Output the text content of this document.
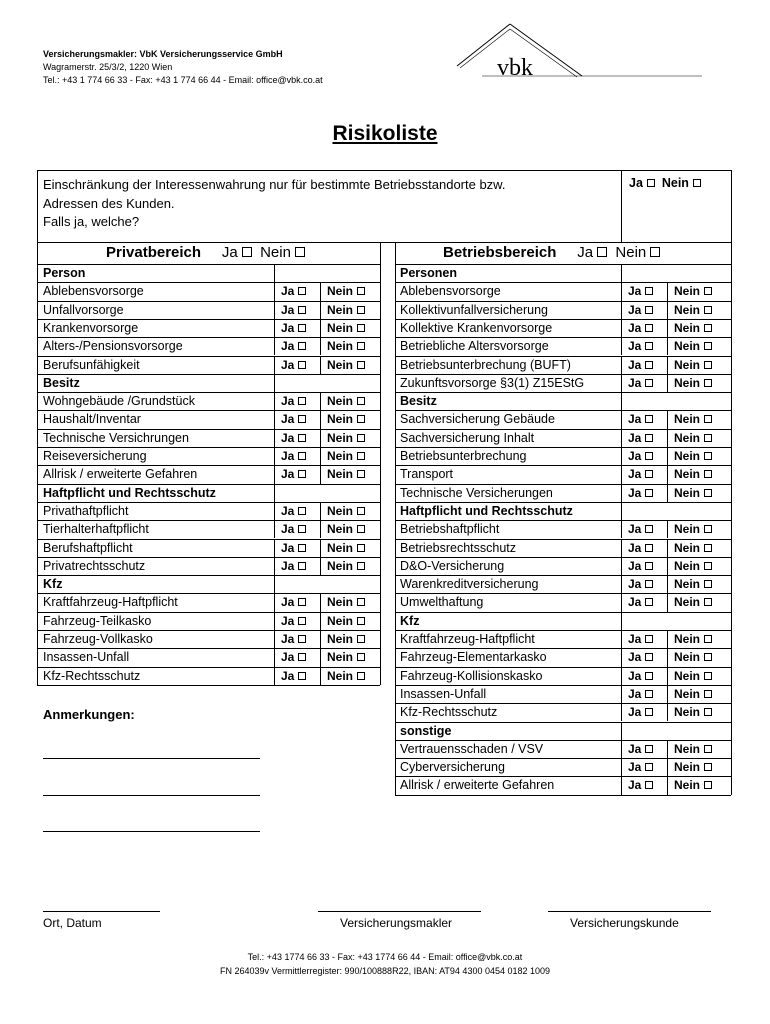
Versicherungsmakler: VbK Versicherungsservice GmbH
Wagramerstr. 25/3/2, 1220 Wien
Tel.: +43 1 774 66 33 - Fax: +43 1 774 66 44 - Email: office@vbk.co.at	vbk
Risikoliste
Einschränkung der Interessenwahrung nur für bestimmte Betriebsstandorte bzw.
Adressen des Kunden.
Falls ja, welche?
Ja Nein
Privatbereich Ja Nein	Betriebsbereich Ja Nein
Person
Ablebensvorsorge	Ja	Nein
Unfallvorsorge	Ja	Nein
Krankenvorsorge	Ja	Nein
Alters-/Pensionsvorsorge	Ja	Nein
Berufsunfähigkeit	Ja	Nein
Besitz
Wohngebäude /Grundstück	Ja	Nein
Haushalt/Inventar	Ja	Nein
Technische Versichrungen	Ja	Nein
Reiseversicherung	Ja	Nein
Allrisk / erweiterte Gefahren	Ja	Nein
Haftpflicht und Rechtsschutz
Privathaftpflicht	Ja	Nein
Tierhalterhaftpflicht	Ja	Nein
Berufshaftpflicht	Ja	Nein
Privatrechtsschutz	Ja	Nein
Kfz
Kraftfahrzeug-Haftpflicht	Ja	Nein
Fahrzeug-Teilkasko	Ja	Nein
Fahrzeug-Vollkasko	Ja	Nein
Insassen-Unfall	Ja	Nein
Kfz-Rechtsschutz	Ja	Nein
Personen
Ablebensvorsorge	Ja	Nein
Kollektivunfallversicherung	Ja	Nein
Kollektive Krankenvorsorge	Ja	Nein
Betriebliche Altersvorsorge	Ja	Nein
Betriebsunterbrechung (BUFT)	Ja	Nein
Zukunftsvorsorge §3(1) Z15EStG	Ja	Nein
Besitz
Sachversicherung Gebäude	Ja	Nein
Sachversicherung Inhalt	Ja	Nein
Betriebsunterbrechung	Ja	Nein
Transport	Ja	Nein
Technische Versicherungen	Ja	Nein
Haftpflicht und Rechtsschutz
Betriebshaftpflicht	Ja	Nein
Betriebsrechtsschutz	Ja	Nein
D&O-Versicherung	Ja	Nein
Warenkreditversicherung	Ja	Nein
Umwelthaftung	Ja	Nein
Kfz
Kraftfahrzeug-Haftpflicht	Ja	Nein
Fahrzeug-Elementarkasko	Ja	Nein
Fahrzeug-Kollisionskasko	Ja	Nein
Insassen-Unfall	Ja	Nein
Kfz-Rechtsschutz	Ja	Nein
sonstige
Vertrauensschaden / VSV	Ja	Nein
Cyberversicherung	Ja	Nein
Allrisk / erweiterte Gefahren	Ja	Nein
Anmerkungen:
Ort, Datum	Versicherungsmakler	Versicherungskunde
Tel.: +43 1774 66 33 - Fax: +43 1774 66 44 - Email: office@vbk.co.at
FN 264039v Vermittlerregister: 990/100888R22, IBAN: AT94 4300 0454 0182 1009
